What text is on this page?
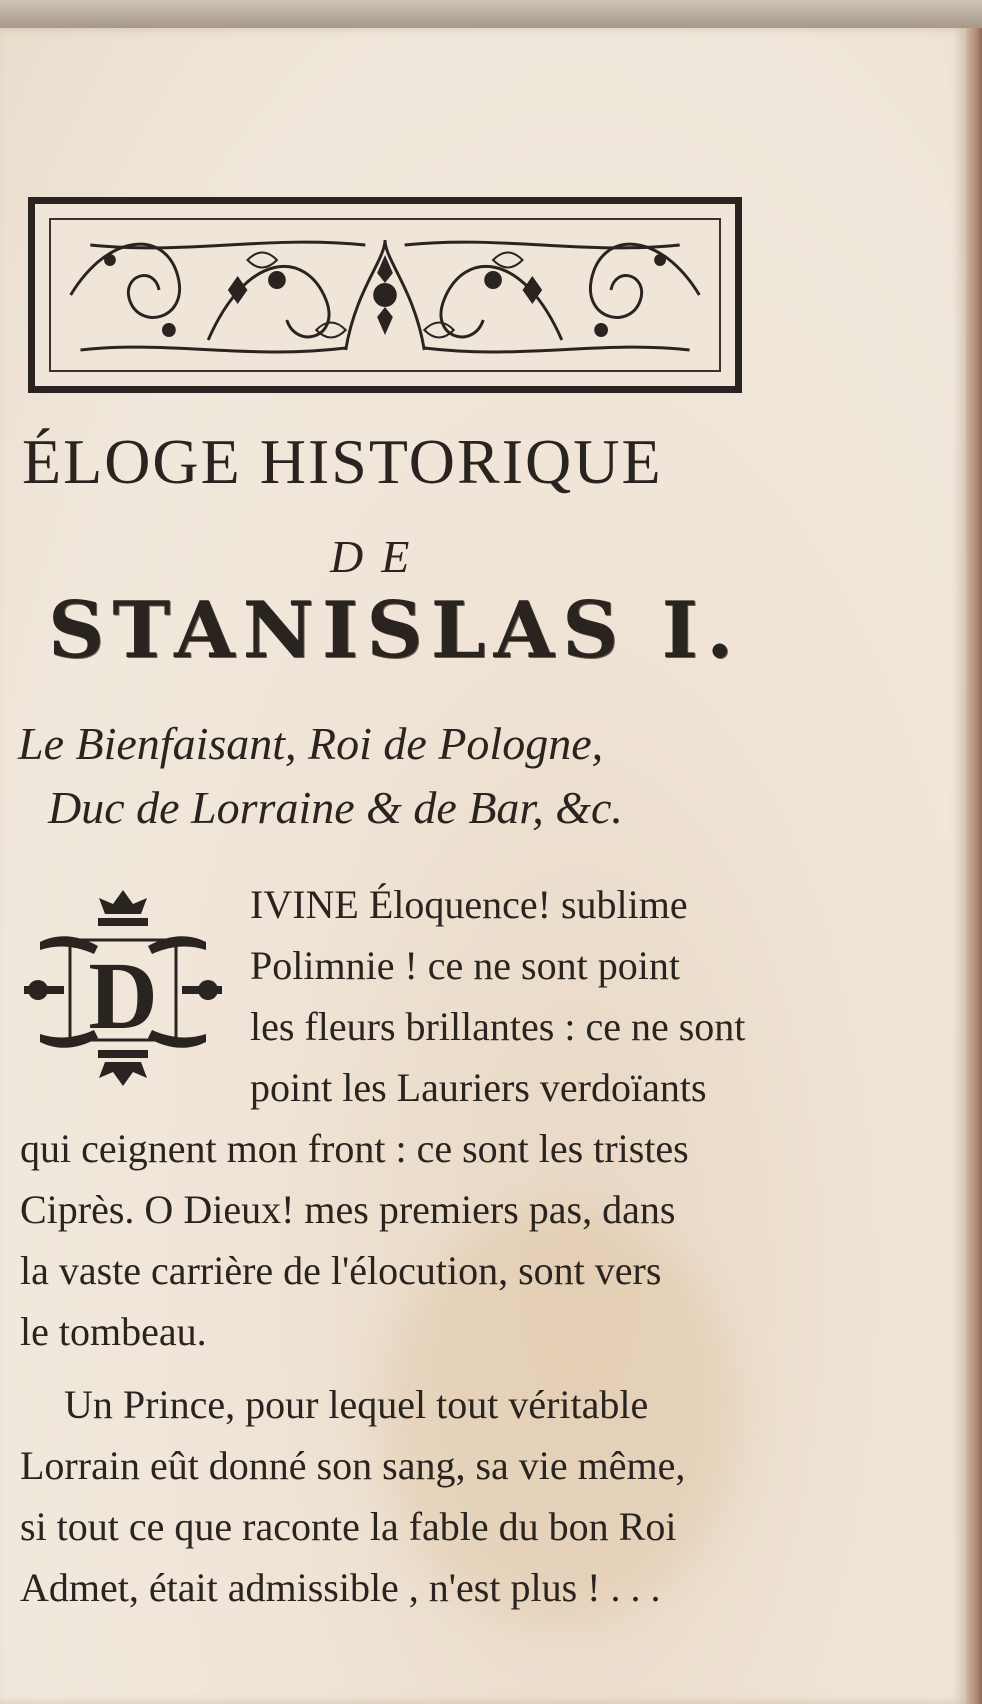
ÉLOGE HISTORIQUE
DE
STANISLAS I.
Le Bienfaisant, Roi de Pologne,
Duc de Lorraine & de Bar, &c.
D
IVINE Éloquence! sublime
Polimnie ! ce ne sont point
les fleurs brillantes : ce ne sont
point les Lauriers verdoïants
qui ceignent mon front : ce sont les tristes
Ciprès. O Dieux! mes premiers pas, dans
la vaste carrière de l'élocution, sont vers
le tombeau.
Un Prince, pour lequel tout véritable
Lorrain eût donné son sang, sa vie même,
si tout ce que raconte la fable du bon Roi
Admet, était admissible , n'est plus ! . . .
